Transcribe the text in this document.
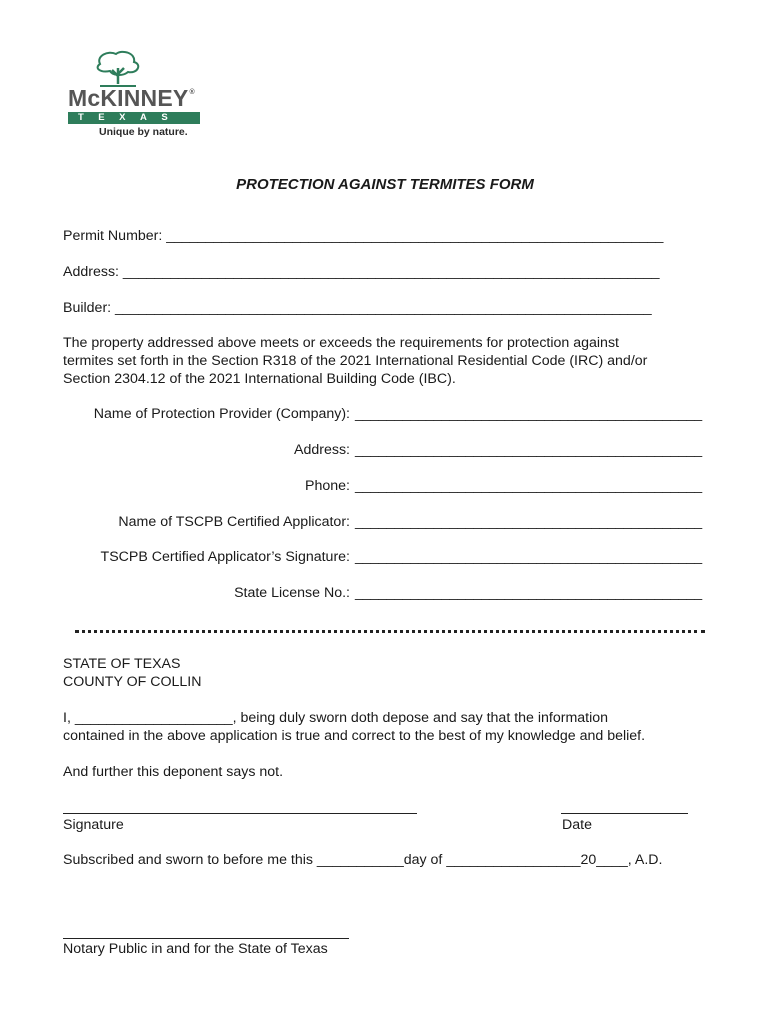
McKINNEY®
TEXAS
Unique by nature.
PROTECTION AGAINST TERMITES FORM
Permit Number: _______________________________________________________________
Address: ____________________________________________________________________
Builder: ____________________________________________________________________
The property addressed above meets or exceeds the requirements for protection against
termites set forth in the Section R318 of the 2021 International Residential Code (IRC) and/or
Section 2304.12 of the 2021 International Building Code (IBC).
Name of Protection Provider (Company): ____________________________________________
Address: ____________________________________________
Phone: ____________________________________________
Name of TSCPB Certified Applicator: ____________________________________________
TSCPB Certified Applicator’s Signature: ____________________________________________
State License No.: ____________________________________________
STATE OF TEXAS
COUNTY OF COLLIN
I, ____________________, being duly sworn doth depose and say that the information
contained in the above application is true and correct to the best of my knowledge and belief.
And further this deponent says not.
Signature	Date
Subscribed and sworn to before me this ___________day of _________________20____, A.D.
Notary Public in and for the State of Texas
